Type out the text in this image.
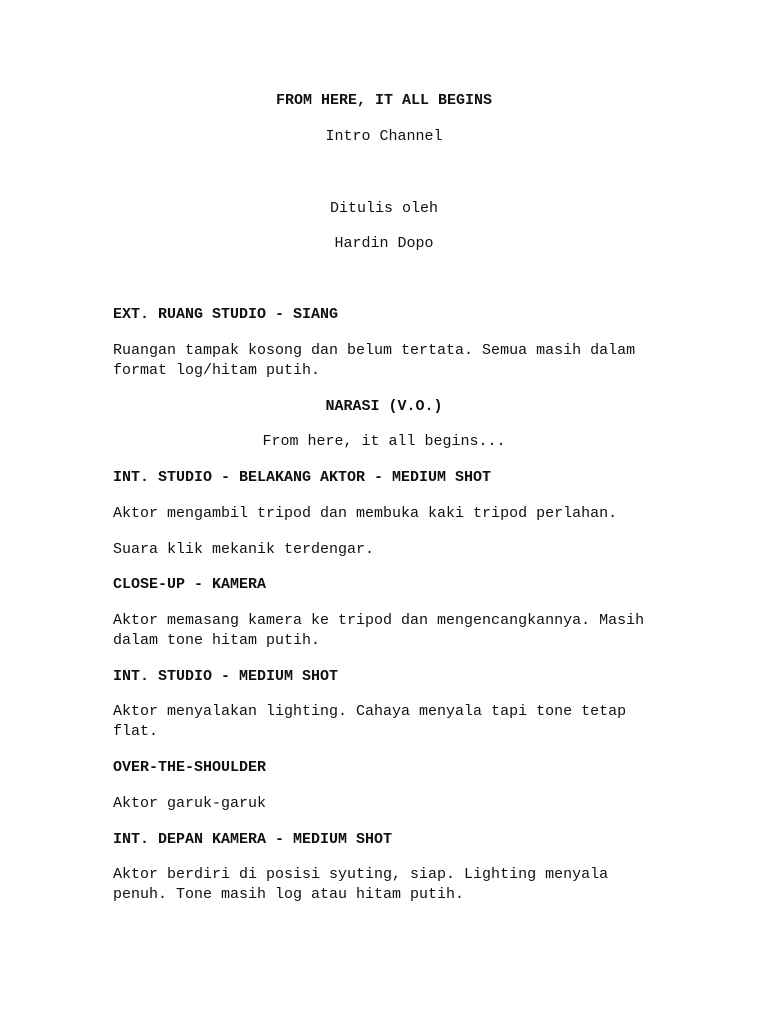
FROM HERE, IT ALL BEGINS
Intro Channel
Ditulis oleh
Hardin Dopo
EXT. RUANG STUDIO - SIANG
Ruangan tampak kosong dan belum tertata. Semua masih dalam
format log/hitam putih.
NARASI (V.O.)
From here, it all begins...
INT. STUDIO - BELAKANG AKTOR - MEDIUM SHOT
Aktor mengambil tripod dan membuka kaki tripod perlahan.
Suara klik mekanik terdengar.
CLOSE-UP - KAMERA
Aktor memasang kamera ke tripod dan mengencangkannya. Masih
dalam tone hitam putih.
INT. STUDIO - MEDIUM SHOT
Aktor menyalakan lighting. Cahaya menyala tapi tone tetap
flat.
OVER-THE-SHOULDER
Aktor garuk-garuk
INT. DEPAN KAMERA - MEDIUM SHOT
Aktor berdiri di posisi syuting, siap. Lighting menyala
penuh. Tone masih log atau hitam putih.
